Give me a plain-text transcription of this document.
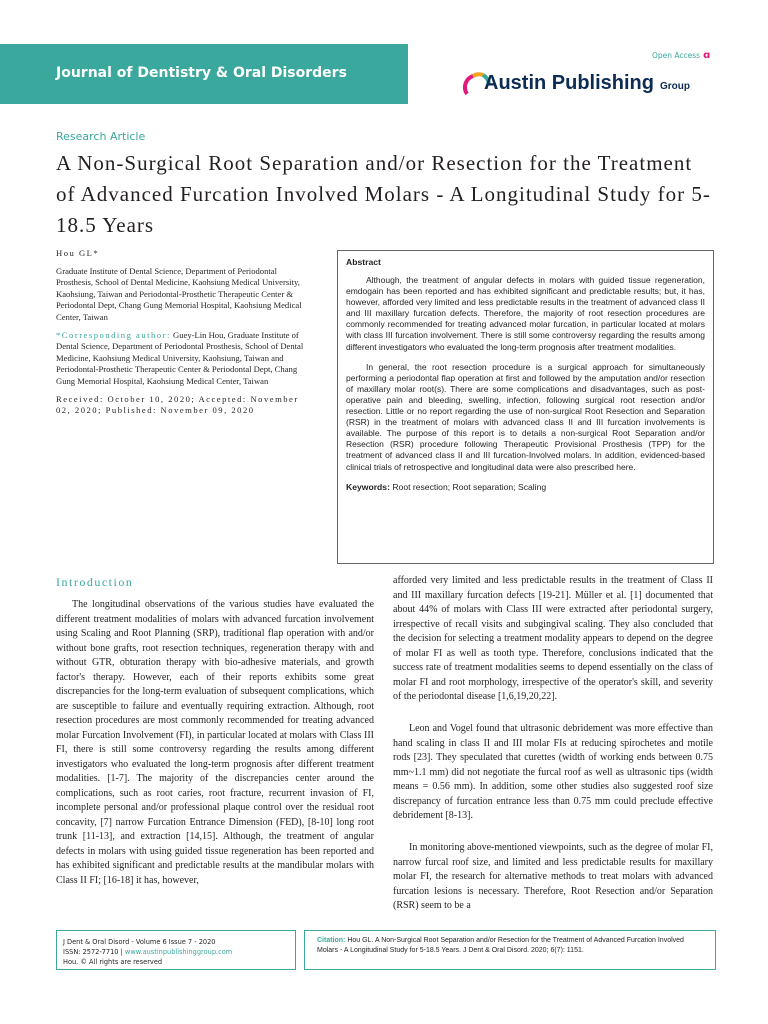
Journal of Dentistry & Oral Disorders
Open Access ɑ
Austin Publishing Group
Research Article
A Non-Surgical Root Separation and/or Resection for the Treatment of Advanced Furcation Involved Molars - A Longitudinal Study for 5-18.5 Years

Hou GL*

Graduate Institute of Dental Science, Department of Periodontal Prosthesis, School of Dental Medicine, Kaohsiung Medical University, Kaohsiung, Taiwan and Periodontal-Prosthetic Therapeutic Center & Periodontal Dept, Chang Gung Memorial Hospital, Kaohsiung Medical Center, Taiwan

*Corresponding author: Guey-Lin Hou, Graduate Institute of Dental Science, Department of Periodontal Prosthesis, School of Dental Medicine, Kaohsiung Medical University, Kaohsiung, Taiwan and Periodontal-Prosthetic Therapeutic Center & Periodontal Dept, Chang Gung Memorial Hospital, Kaohsiung Medical Center, Taiwan

Received: October 10, 2020; Accepted: November 02, 2020; Published: November 09, 2020

Abstract

Although, the treatment of angular defects in molars with guided tissue regeneration, emdogain has been reported and has exhibited significant and predictable results; but, it has, however, afforded very limited and less predictable results in the treatment of advanced class II and III maxillary furcation defects. Therefore, the majority of root resection procedures are commonly recommended for treating advanced molar furcation, in particular located at molars with class III furcation involvement. There is still some controversy regarding the results among different investigators who evaluated the long-term prognosis after treatment modalities.

In general, the root resection procedure is a surgical approach for simultaneously performing a periodontal flap operation at first and followed by the amputation and/or resection of maxillary molar root(s). There are some complications and disadvantages, such as post- operative pain and bleeding, swelling, infection, following surgical root resection and/or resection. Little or no report regarding the use of non-surgical Root Resection and Separation (RSR) in the treatment of molars with advanced class II and III furcation involvements is available. The purpose of this report is to details a non-surgical Root Separation and/or Resection (RSR) procedure following Therapeutic Provisional Prosthesis (TPP) for the treatment of advanced class II and III furcation-Involved molars. In addition, evidenced-based clinical trials of retrospective and longitudinal data were also prescribed here.

Keywords: Root resection; Root separation; Scaling
Introduction

The longitudinal observations of the various studies have evaluated the different treatment modalities of molars with advanced furcation involvement using Scaling and Root Planning (SRP), traditional flap operation with and/or without bone grafts, root resection techniques, regeneration therapy with and without GTR, obturation therapy with bio-adhesive materials, and growth factor's therapy. However, each of their reports exhibits some great discrepancies for the long-term evaluation of subsequent complications, which are susceptible to failure and eventually requiring extraction. Although, root resection procedures are most commonly recommended for treating advanced molar Furcation Involvement (FI), in particular located at molars with Class III FI, there is still some controversy regarding the results among different investigators who evaluated the long-term prognosis after different treatment modalities. [1-7]. The majority of the discrepancies center around the complications, such as root caries, root fracture, recurrent invasion of FI, incomplete personal and/or professional plaque control over the residual root concavity, [7] narrow Furcation Entrance Dimension (FED), [8-10] long root trunk [11-13], and extraction [14,15]. Although, the treatment of angular defects in molars with using guided tissue regeneration has been reported and has exhibited significant and predictable results at the mandibular molars with Class II FI; [16-18] it has, however,

afforded very limited and less predictable results in the treatment of Class II and III maxillary furcation defects [19-21]. Müller et al. [1] documented that about 44% of molars with Class III were extracted after periodontal surgery, irrespective of recall visits and subgingival scaling. They also concluded that the decision for selecting a treatment modality appears to depend on the degree of molar FI as well as tooth type. Therefore, conclusions indicated that the success rate of treatment modalities seems to depend essentially on the class of molar FI and root morphology, irrespective of the operator's skill, and severity of the periodontal disease [1,6,19,20,22].

Leon and Vogel found that ultrasonic debridement was more effective than hand scaling in class II and III molar FIs at reducing spirochetes and motile rods [23]. They speculated that curettes (width of working ends between 0.75 mm~1.1 mm) did not negotiate the furcal roof as well as ultrasonic tips (width means = 0.56 mm). In addition, some other studies also suggested roof size discrepancy of furcation entrance less than 0.75 mm could preclude effective debridement [8-13].

In monitoring above-mentioned viewpoints, such as the degree of molar FI, narrow furcal roof size, and limited and less predictable results for maxillary molar FI, the research for alternative methods to treat molars with advanced furcation lesions is necessary. Therefore, Root Resection and/or Separation (RSR) seem to be a

J Dent & Oral Disord - Volume 6 Issue 7 - 2020
ISSN: 2572-7710 | www.austinpublishinggroup.com
Hou. © All rights are reserved
Citation: Hou GL. A Non-Surgical Root Separation and/or Resection for the Treatment of Advanced Furcation Involved Molars - A Longitudinal Study for 5-18.5 Years. J Dent & Oral Disord. 2020; 6(7): 1151.
